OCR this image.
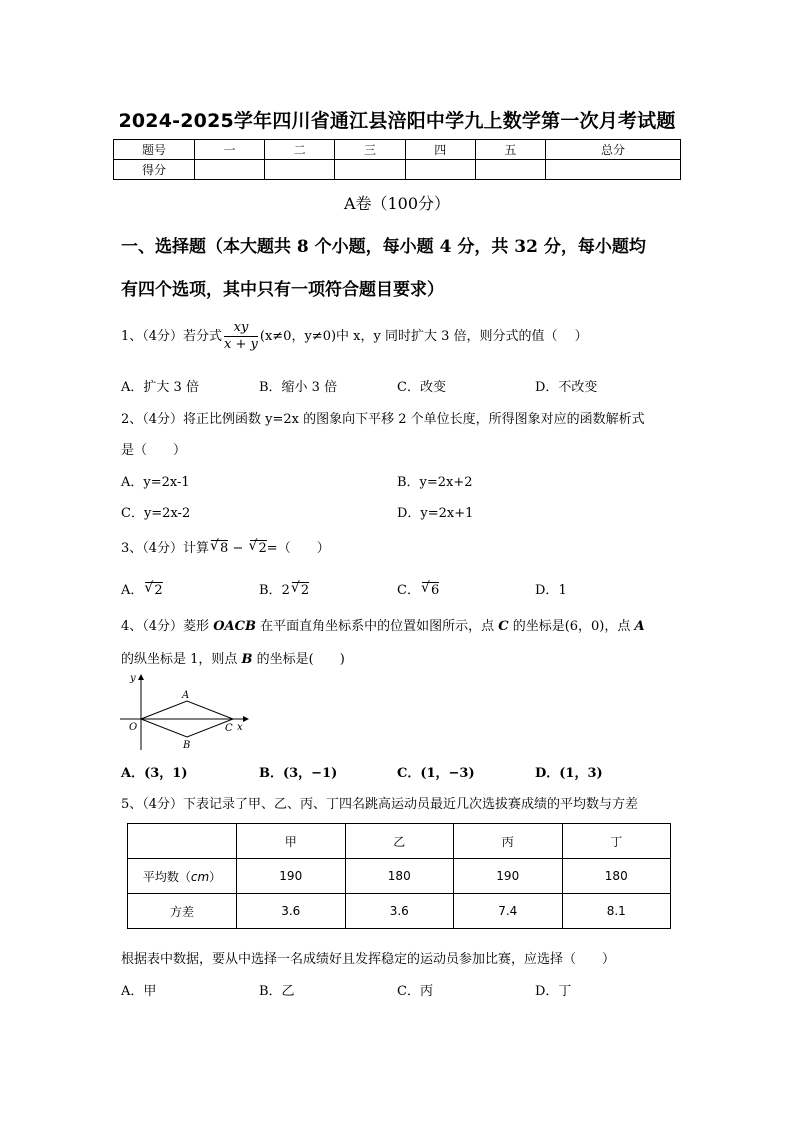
2024-2025学年四川省通江县涪阳中学九上数学第一次月考试题
题号	一	二	三	四	五	总分
得分						
A卷（100分）
一、选择题（本大题共 8 个小题，每小题 4 分，共 32 分，每小题均
有四个选项，其中只有一项符合题目要求）
1、（4分）若分式 $\frac{xy}{x + y} (x\ne 0$，y≠0)中 x，y 同时扩大 3 倍，则分式的值（　 ）
A．扩大 3 倍	B．缩小 3 倍	C．改变	D．不改变
2、（4分）将正比例函数 y=2x 的图象向下平移 2 个单位长度，所得图象对应的函数解析式
是（　　）
A．y=2x-1	B．y=2x+2
C．y=2x-2	D．y=2x+1
3、（4分）计算 √ 8 − √ 2=（　　）
A． √ 2	B．2 √ 2	C． √ 6	D．1
4、（4分）菱形 OACB 在平面直角坐标系中的位置如图所示，点 C 的坐标是(6，0)，点 A
的纵坐标是 1，则点 B 的坐标是(　　)
y
x
O
A
B
C
A．(3，1)	B．(3，−1)	C．(1，−3)	D．(1，3)
5、（4分）下表记录了甲、乙、丙、丁四名跳高运动员最近几次选拔赛成绩的平均数与方差
	甲	乙	丙	丁
平均数（cm）	190	180	190	180
方差	3.6	3.6	7.4	8.1
根据表中数据，要从中选择一名成绩好且发挥稳定的运动员参加比赛，应选择（　　）
A．甲	B．乙	C．丙	D．丁
